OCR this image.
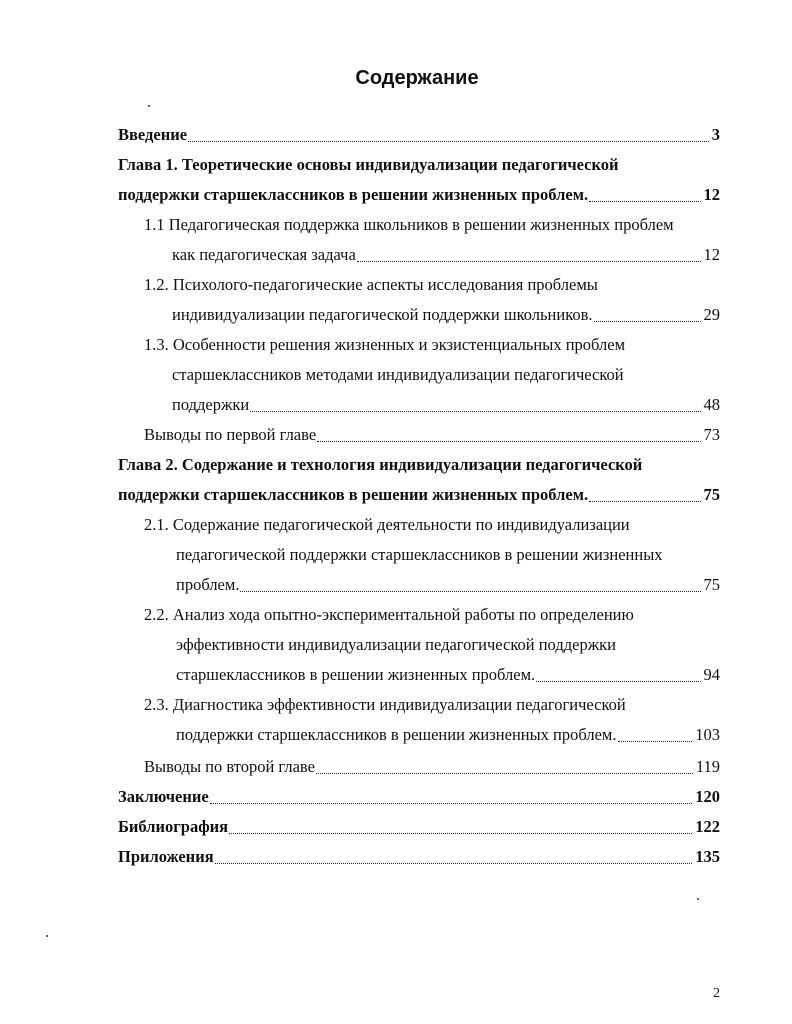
Содержание
Введение	3
Глава 1. Теоретические основы индивидуализации педагогической
поддержки старшеклассников в решении жизненных проблем.	12
1.1 Педагогическая поддержка школьников в решении жизненных проблем
как педагогическая задача	12
1.2. Психолого-педагогические аспекты исследования проблемы
индивидуализации педагогической поддержки школьников.	29
1.3. Особенности решения жизненных и экзистенциальных проблем
старшеклассников методами индивидуализации педагогической
поддержки	48
Выводы по первой главе	73
Глава 2. Содержание и технология индивидуализации педагогической
поддержки старшеклассников в решении жизненных проблем.	75
2.1. Содержание педагогической деятельности по индивидуализации
педагогической поддержки старшеклассников в решении жизненных
проблем.	75
2.2. Анализ хода опытно-экспериментальной работы по определению
эффективности индивидуализации педагогической поддержки
старшеклассников в решении жизненных проблем.	94
2.3. Диагностика эффективности индивидуализации педагогической
поддержки старшеклассников в решении жизненных проблем.	103
Выводы по второй главе	119
Заключение	120
Библиография	122
Приложения	135
2
